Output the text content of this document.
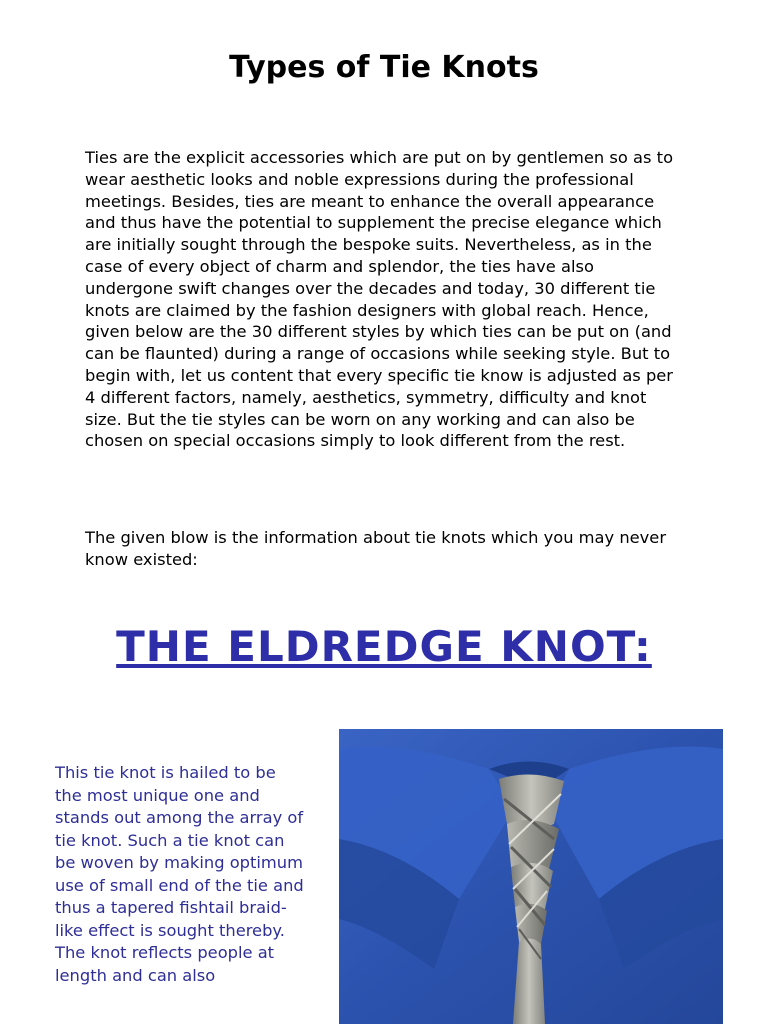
Types of Tie Knots

Ties are the explicit accessories which are put on by gentlemen so as to wear aesthetic looks and noble expressions during the professional meetings. Besides, ties are meant to enhance the overall appearance and thus have the potential to supplement the precise elegance which are initially sought through the bespoke suits. Nevertheless, as in the case of every object of charm and splendor, the ties have also undergone swift changes over the decades and today, 30 different tie knots are claimed by the fashion designers with global reach. Hence, given below are the 30 different styles by which ties can be put on (and can be flaunted) during a range of occasions while seeking style. But to begin with, let us content that every specific tie know is adjusted as per 4 different factors, namely, aesthetics, symmetry, difficulty and knot size. But the tie styles can be worn on any working and can also be chosen on special occasions simply to look different from the rest.

The given blow is the information about tie knots which you may never know existed:

THE ELDREDGE KNOT:

This tie knot is hailed to be the most unique one and stands out among the array of tie knot. Such a tie knot can be woven by making optimum use of small end of the tie and thus a tapered fishtail braid-like effect is sought thereby. The knot reflects people at length and can also
